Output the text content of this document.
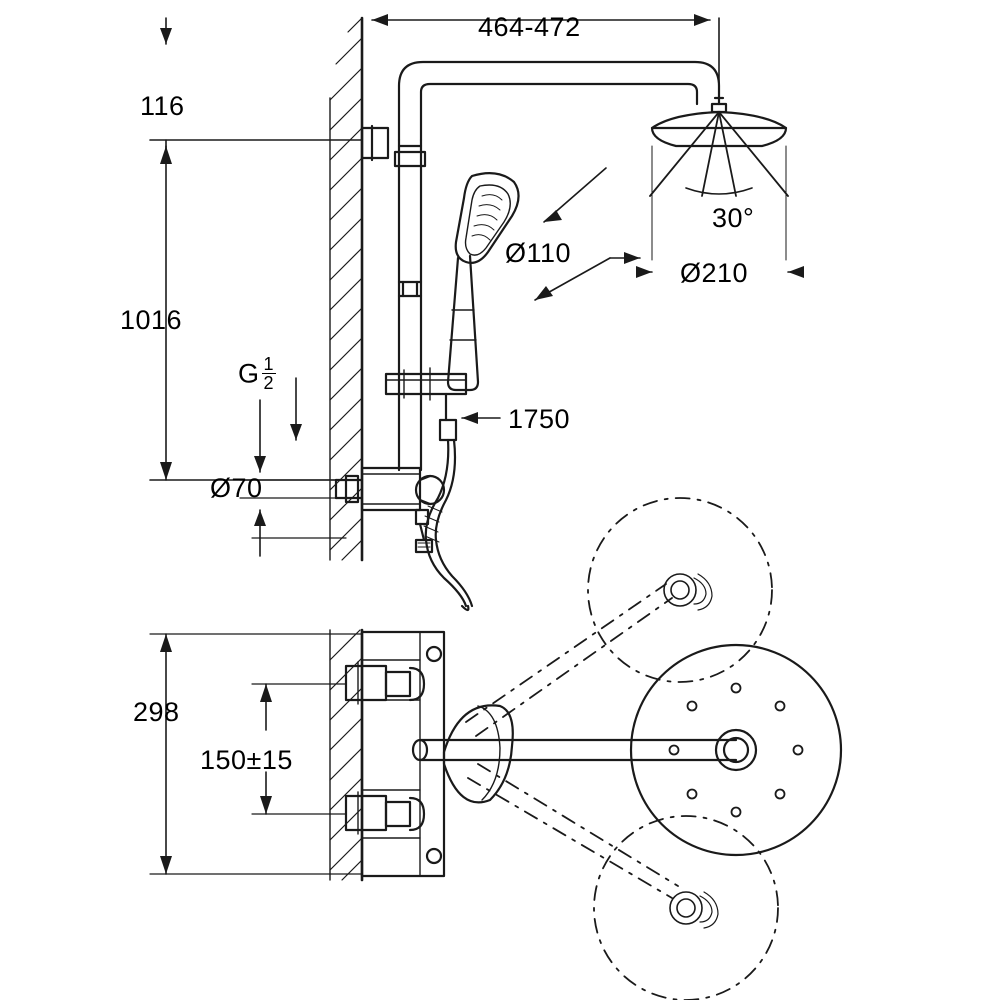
464-472
116
1016
G $\frac{1}{2}$
Ø70
Ø110
Ø210
30°
1750
298
150±15
